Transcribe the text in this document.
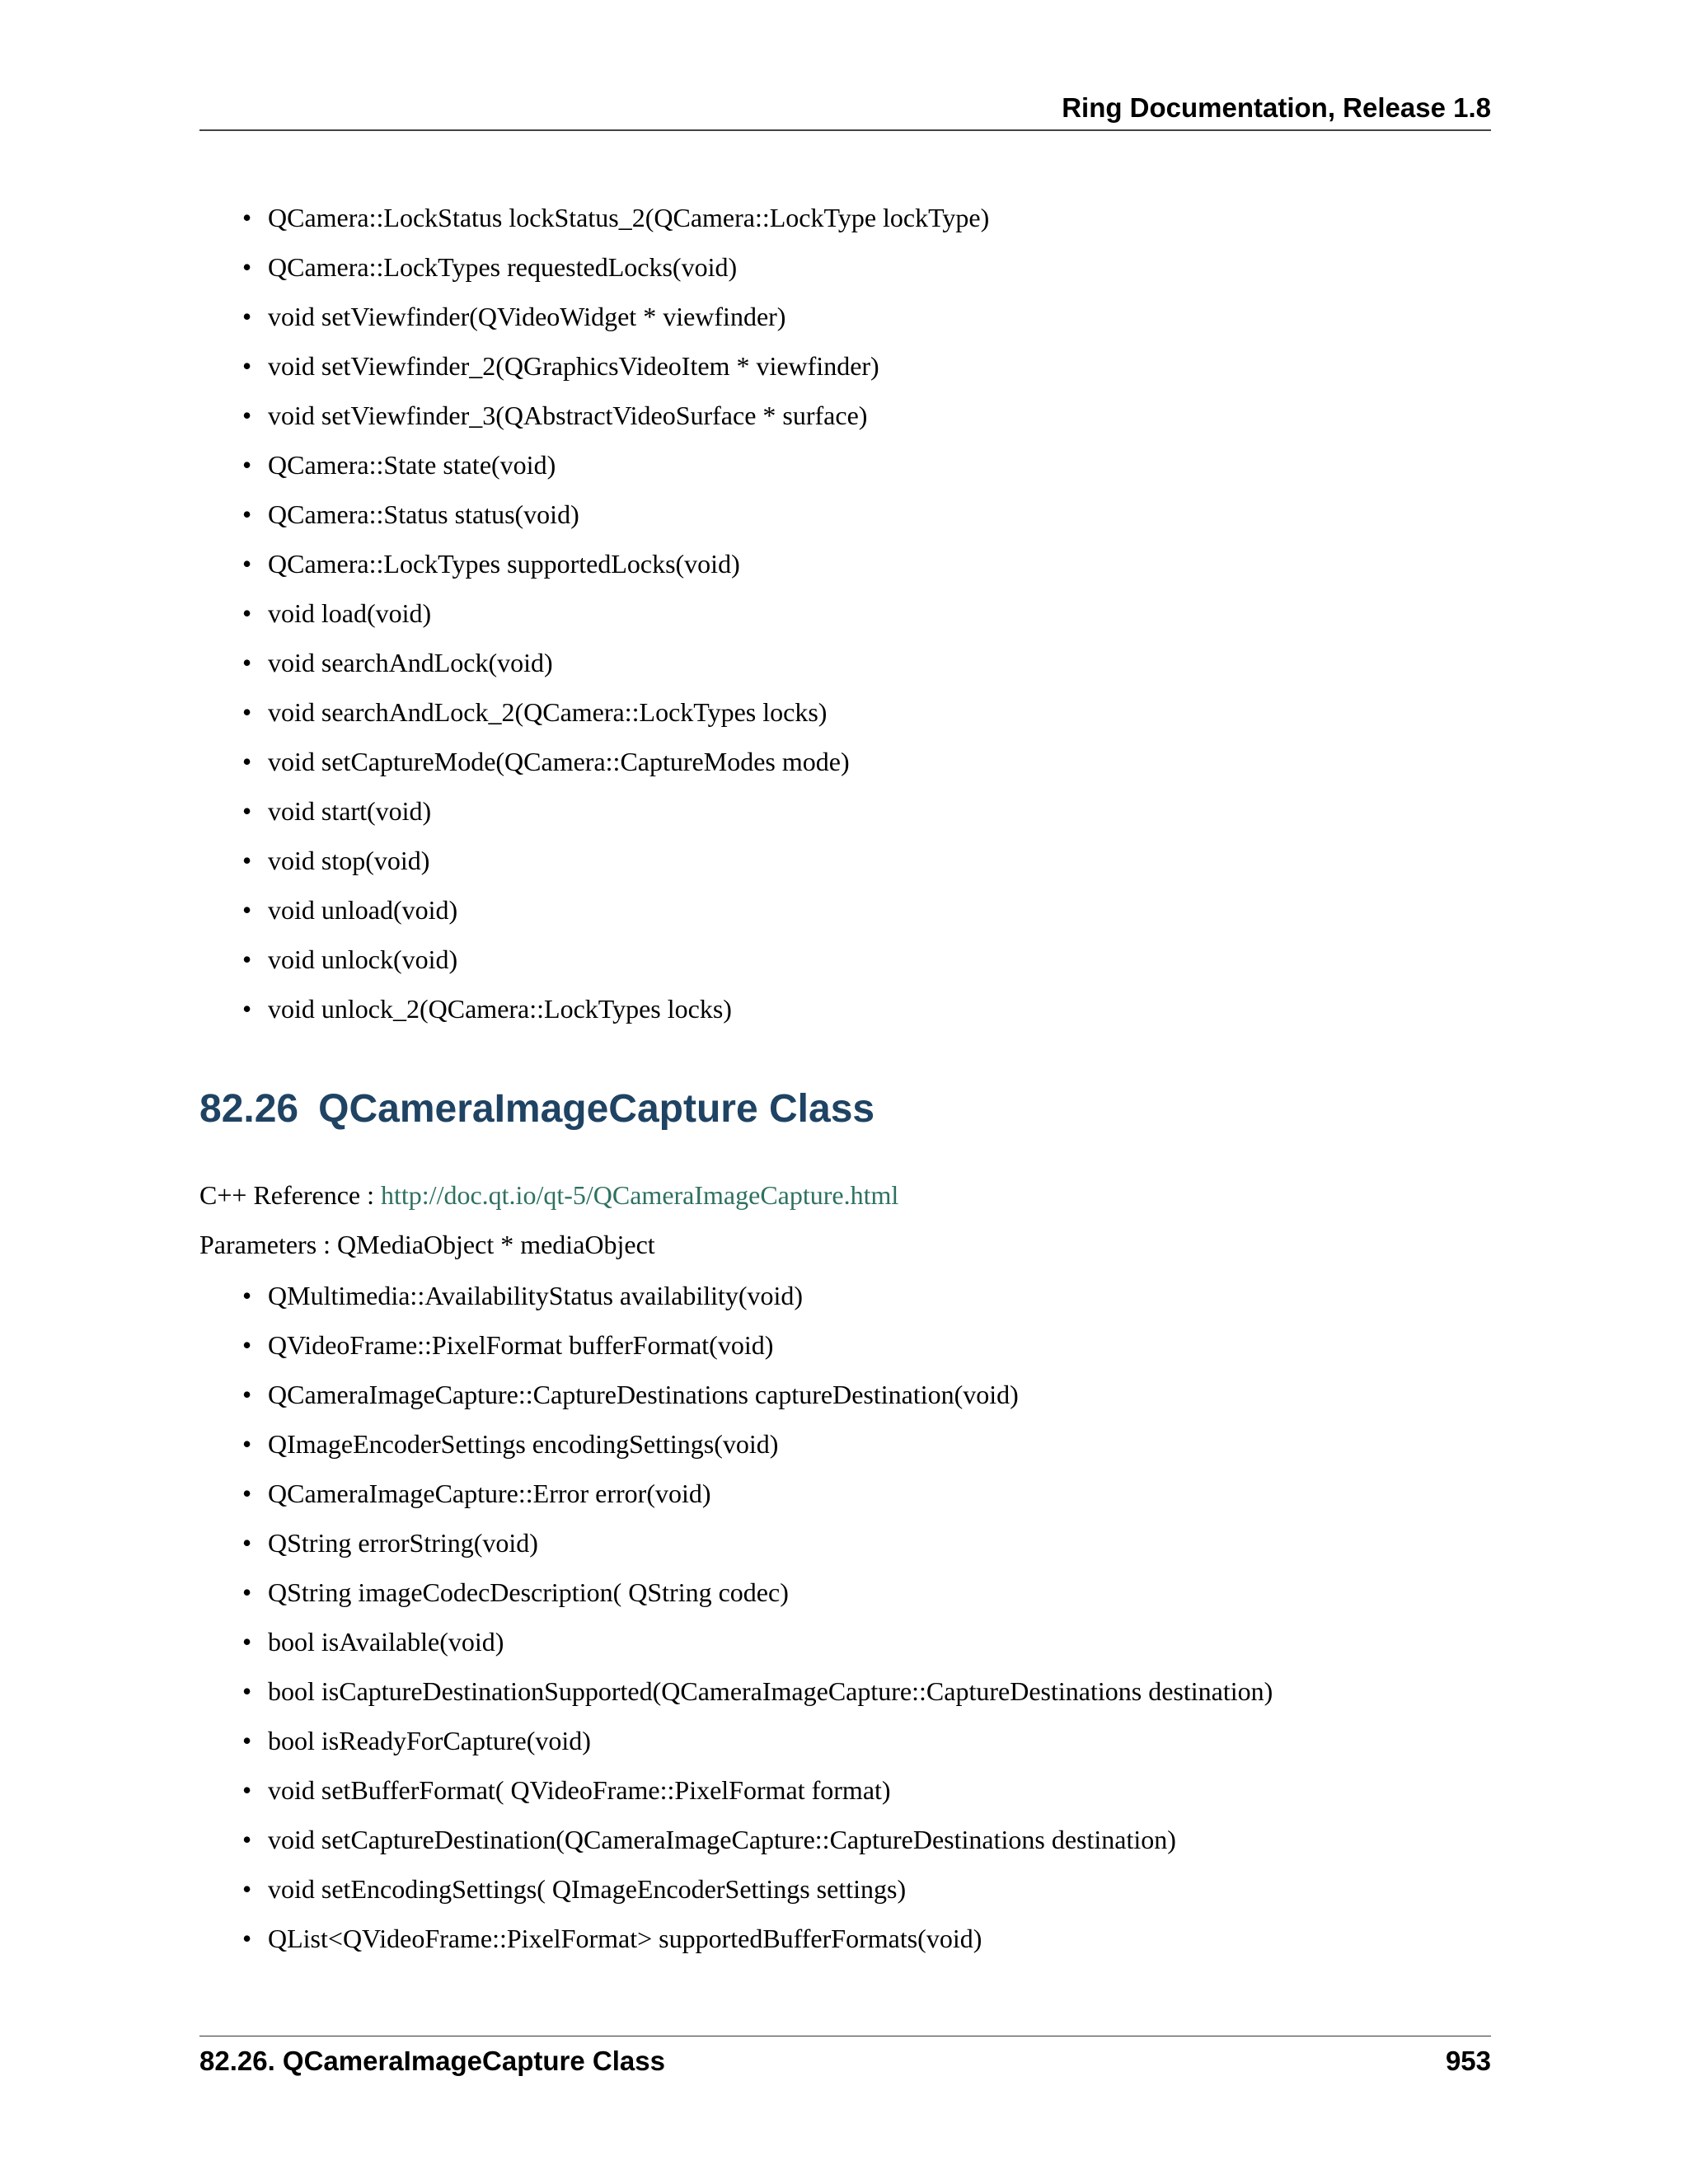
Ring Documentation, Release 1.8
• QCamera::LockStatus lockStatus_2(QCamera::LockType lockType)
• QCamera::LockTypes requestedLocks(void)
• void setViewfinder(QVideoWidget * viewfinder)
• void setViewfinder_2(QGraphicsVideoItem * viewfinder)
• void setViewfinder_3(QAbstractVideoSurface * surface)
• QCamera::State state(void)
• QCamera::Status status(void)
• QCamera::LockTypes supportedLocks(void)
• void load(void)
• void searchAndLock(void)
• void searchAndLock_2(QCamera::LockTypes locks)
• void setCaptureMode(QCamera::CaptureModes mode)
• void start(void)
• void stop(void)
• void unload(void)
• void unlock(void)
• void unlock_2(QCamera::LockTypes locks)
82.26 QCameraImageCapture Class
C++ Reference : http://doc.qt.io/qt-5/QCameraImageCapture.html
Parameters : QMediaObject * mediaObject
• QMultimedia::AvailabilityStatus availability(void)
• QVideoFrame::PixelFormat bufferFormat(void)
• QCameraImageCapture::CaptureDestinations captureDestination(void)
• QImageEncoderSettings encodingSettings(void)
• QCameraImageCapture::Error error(void)
• QString errorString(void)
• QString imageCodecDescription( QString codec)
• bool isAvailable(void)
• bool isCaptureDestinationSupported(QCameraImageCapture::CaptureDestinations destination)
• bool isReadyForCapture(void)
• void setBufferFormat( QVideoFrame::PixelFormat format)
• void setCaptureDestination(QCameraImageCapture::CaptureDestinations destination)
• void setEncodingSettings( QImageEncoderSettings settings)
• QList<QVideoFrame::PixelFormat> supportedBufferFormats(void)
82.26. QCameraImageCapture Class	953
